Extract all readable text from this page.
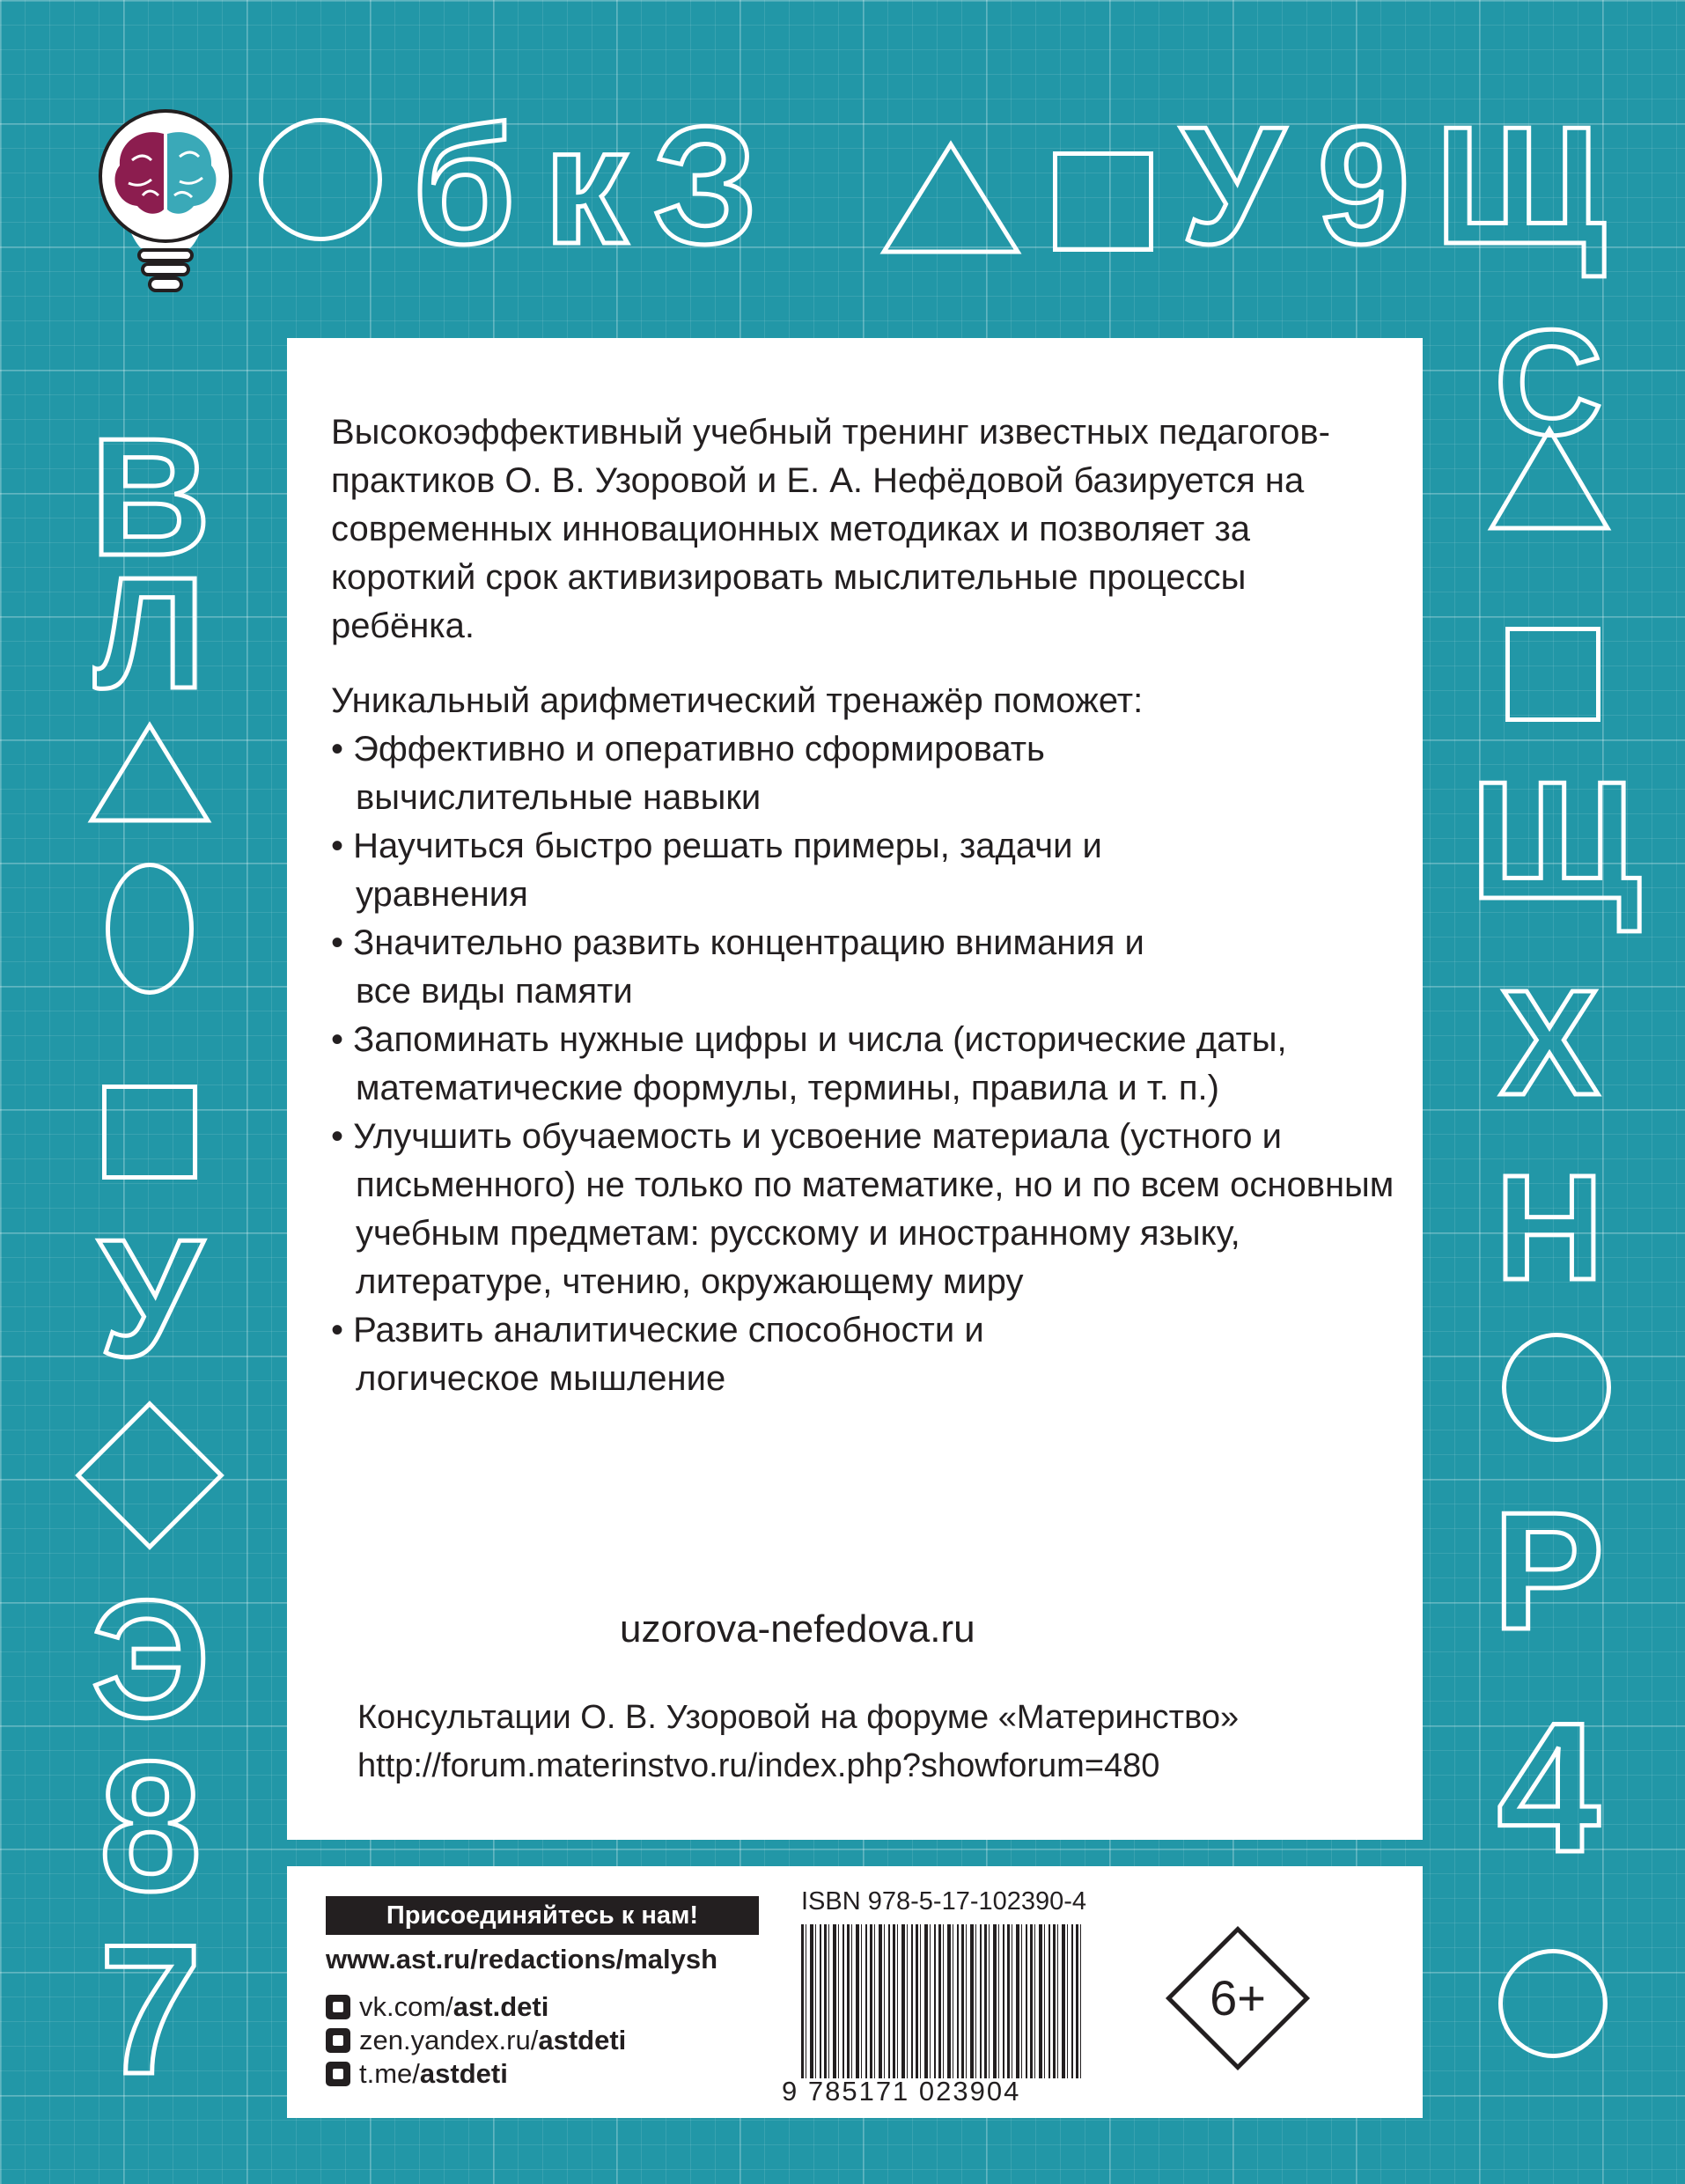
б к З	У 9 Щ
В
Л
У
Э
8
7
С
Щ
Х
Н
Р
4

Высокоэффективный учебный тренинг известных педагогов-практиков О. В. Узоровой и Е. А. Нефёдовой базируется на современных инновационных методиках и позволяет за короткий срок активизировать мыслительные процессы ребёнка.

Уникальный арифметический тренажёр поможет:

• Эффективно и оперативно сформировать вычислительные навыки

• Научиться быстро решать примеры, задачи и уравнения

• Значительно развить концентрацию внимания и все виды памяти

• Запоминать нужные цифры и числа (исторические даты, математические формулы, термины, правила и т. п.)

• Улучшить обучаемость и усвоение материала (устного и письменного) не только по математике, но и по всем основным учебным предметам: русскому и иностранному языку, литературе, чтению, окружающему миру

• Развить аналитические способности и логическое мышление

uzorova-nefedova.ru
Консультации О. В. Узоровой на форуме «Материнство»
http://forum.materinstvo.ru/index.php?showforum=480
Присоединяйтесь к нам!
www.ast.ru/redactions/malysh
vk.com/ast.deti
zen.yandex.ru/astdeti
t.me/astdeti
ISBN 978-5-17-102390-4
9 785171 023904
6+
